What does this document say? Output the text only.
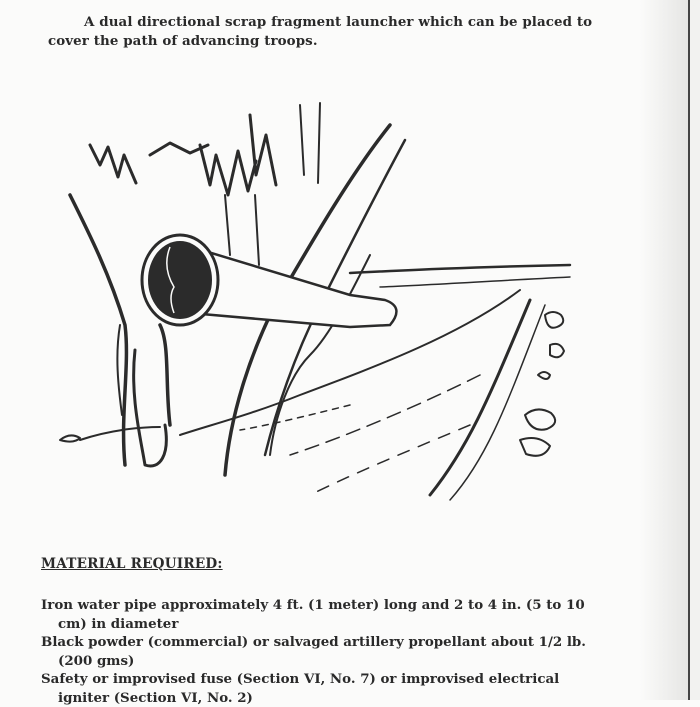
A dual directional scrap fragment launcher which can be placed to cover the path of advancing troops.

MATERIAL REQUIRED:
Iron water pipe approximately 4 ft. (1 meter) long and 2 to 4 in. (5 to 10 cm) in diameter
Black powder (commercial) or salvaged artillery propellant about 1/2 lb. (200 gms)
Safety or improvised fuse (Section VI, No. 7) or improvised electrical igniter (Section VI, No. 2)
